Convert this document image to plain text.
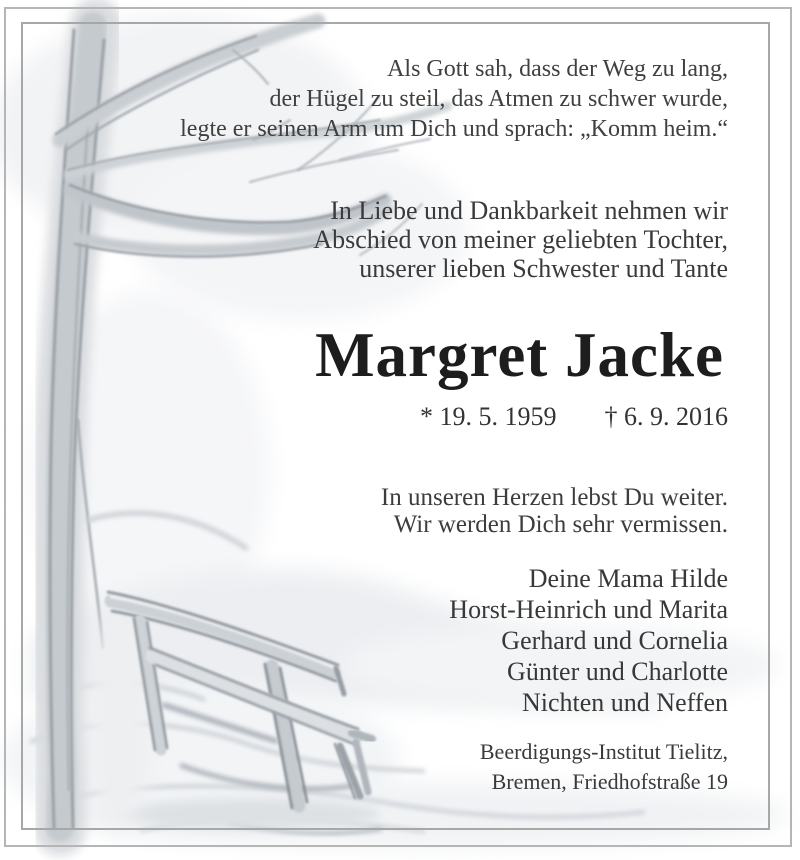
Als Gott sah, dass der Weg zu lang,
der Hügel zu steil, das Atmen zu schwer wurde,
legte er seinen Arm um Dich und sprach: „Komm heim.“
In Liebe und Dankbarkeit nehmen wir
Abschied von meiner geliebten Tochter,
unserer lieben Schwester und Tante
Margret Jacke
* 19. 5. 1959 † 6. 9. 2016
In unseren Herzen lebst Du weiter.
Wir werden Dich sehr vermissen.
Deine Mama Hilde
Horst-Heinrich und Marita
Gerhard und Cornelia
Günter und Charlotte
Nichten und Neffen
Beerdigungs-Institut Tielitz,
Bremen, Friedhofstraße 19
